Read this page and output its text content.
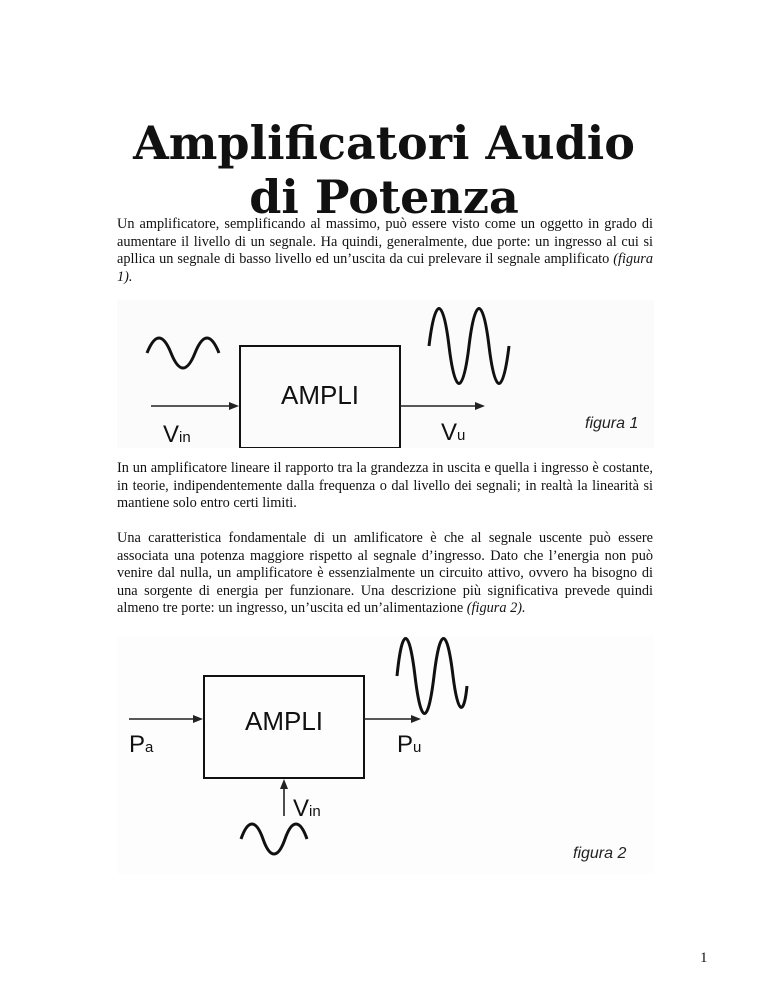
Amplificatori Audio
di Potenza
Un amplificatore, semplificando al massimo, può essere visto come un oggetto in grado di aumentare il livello di un segnale. Ha quindi, generalmente, due porte: un ingresso al cui si apllica un segnale di basso livello ed un’uscita da cui prelevare il segnale amplificato (figura 1).
AMPLI
Vin	Vu
figura 1
In un amplificatore lineare il rapporto tra la grandezza in uscita e quella i ingresso è costante, in teorie, indipendentemente dalla frequenza o dal livello dei segnali; in realtà la linearità si mantiene solo entro certi limiti.
Una caratteristica fondamentale di un amlificatore è che al segnale uscente può essere associata una potenza maggiore rispetto al segnale d’ingresso. Dato che l’energia non può venire dal nulla, un amplificatore è essenzialmente un circuito attivo, ovvero ha bisogno di una sorgente di energia per funzionare. Una descrizione più significativa prevede quindi almeno tre porte: un ingresso, un’uscita ed un’alimentazione (figura 2).
AMPLI
Pa	Pu
Vin
figura 2
1
